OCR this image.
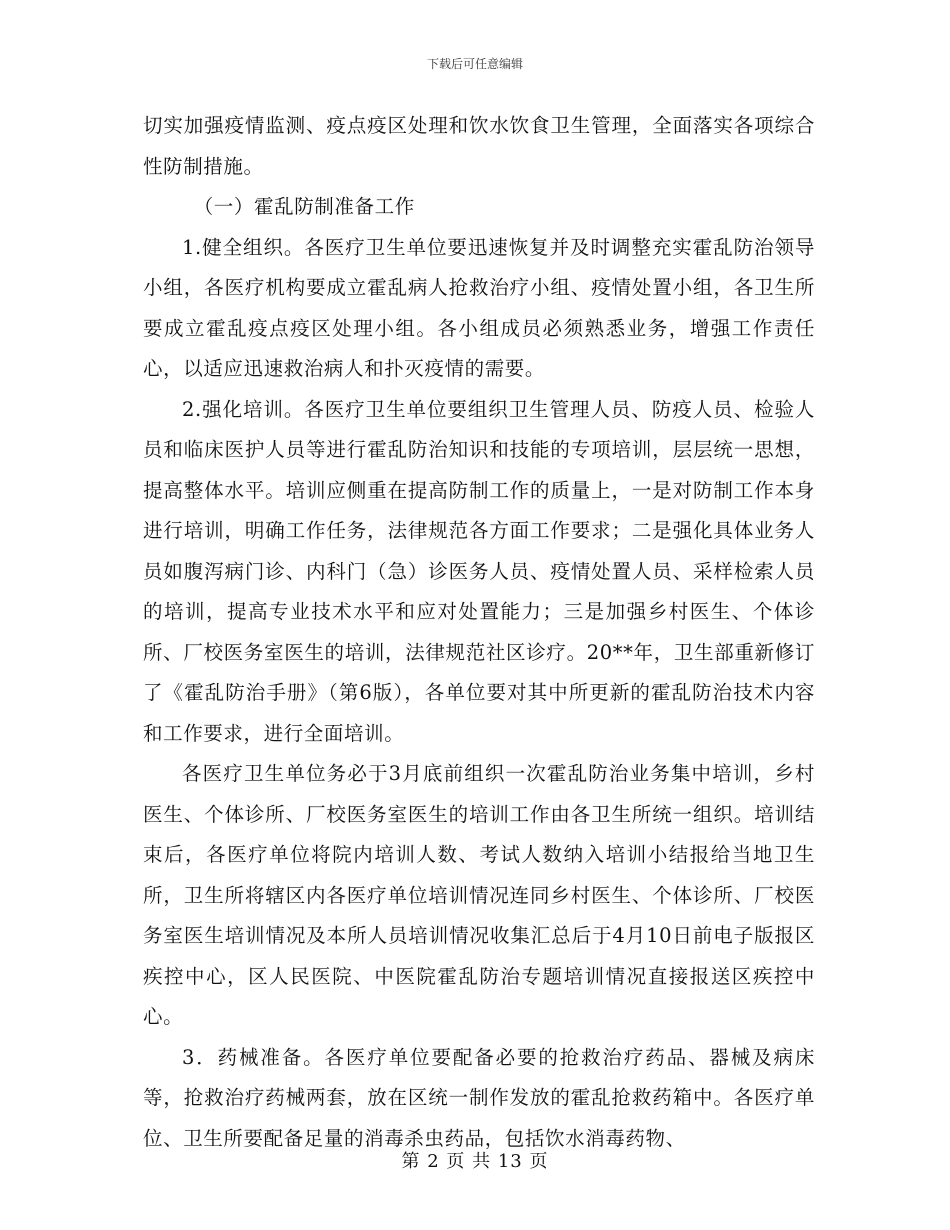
下载后可任意编辑

切实加强疫情监测、疫点疫区处理和饮水饮食卫生管理，全面落实各项综合性防制措施。

（一）霍乱防制准备工作

1.健全组织。各医疗卫生单位要迅速恢复并及时调整充实霍乱防治领导小组，各医疗机构要成立霍乱病人抢救治疗小组、疫情处置小组，各卫生所要成立霍乱疫点疫区处理小组。各小组成员必须熟悉业务，增强工作责任心，以适应迅速救治病人和扑灭疫情的需要。

2.强化培训。各医疗卫生单位要组织卫生管理人员、防疫人员、检验人员和临床医护人员等进行霍乱防治知识和技能的专项培训，层层统一思想，提高整体水平。培训应侧重在提高防制工作的质量上，一是对防制工作本身进行培训，明确工作任务，法律规范各方面工作要求；二是强化具体业务人员如腹泻病门诊、内科门（急）诊医务人员、疫情处置人员、采样检索人员的培训，提高专业技术水平和应对处置能力；三是加强乡村医生、个体诊所、厂校医务室医生的培训，法律规范社区诊疗。20**年，卫生部重新修订了《霍乱防治手册》（第6版），各单位要对其中所更新的霍乱防治技术内容和工作要求，进行全面培训。

各医疗卫生单位务必于3月底前组织一次霍乱防治业务集中培训，乡村医生、个体诊所、厂校医务室医生的培训工作由各卫生所统一组织。培训结束后，各医疗单位将院内培训人数、考试人数纳入培训小结报给当地卫生所，卫生所将辖区内各医疗单位培训情况连同乡村医生、个体诊所、厂校医务室医生培训情况及本所人员培训情况收集汇总后于4月10日前电子版报区疾控中心，区人民医院、中医院霍乱防治专题培训情况直接报送区疾控中心。

3．药械准备。各医疗单位要配备必要的抢救治疗药品、器械及病床等，抢救治疗药械两套，放在区统一制作发放的霍乱抢救药箱中。各医疗单位、卫生所要配备足量的消毒杀虫药品，包括饮水消毒药物、

第 2 页 共 13 页
